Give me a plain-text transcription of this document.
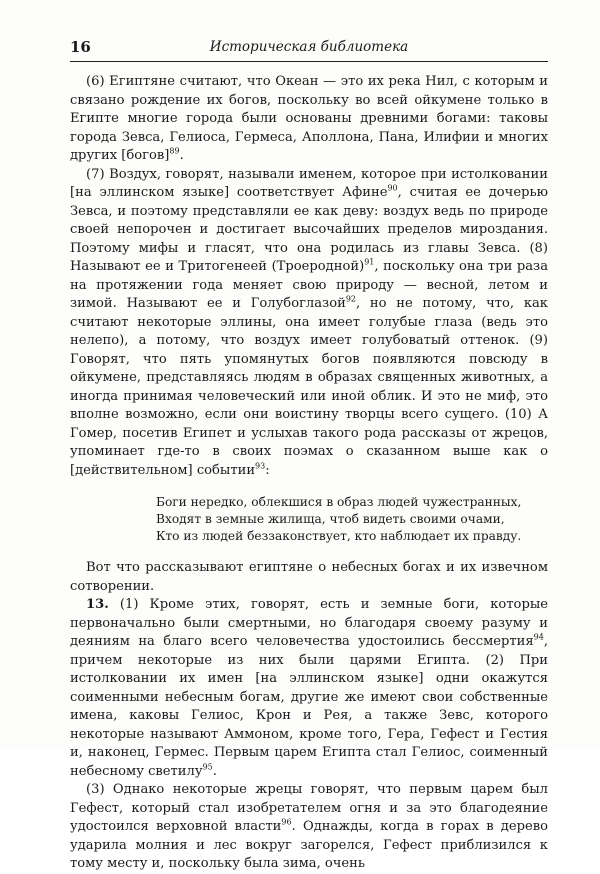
16	Историческая библиотека

(6) Египтяне считают, что Океан — это их река Нил, с которым и связано рождение их богов, поскольку во всей ойкумене только в Египте многие города были основаны древними богами: таковы города Зевса, Гелиоса, Гермеса, Аполлона, Пана, Илифии и многих других [богов]$^{89}$.

(7) Воздух, говорят, называли именем, которое при истолковании [на эллинском языке] соответствует Афине$^{90}$, считая ее дочерью Зевса, и поэтому представляли ее как деву: воздух ведь по природе своей непорочен и достигает высочайших пределов мироздания. Поэтому мифы и гласят, что она родилась из главы Зевса. (8) Называют ее и Тритогенеей (Троеродной)$^{91}$, поскольку она три раза на протяжении года меняет свою природу — весной, летом и зимой. Называют ее и Голубоглазой$^{92}$, но не потому, что, как считают некоторые эллины, она имеет голубые глаза (ведь это нелепо), а потому, что воздух имеет голубоватый оттенок. (9) Говорят, что пять упомянутых богов появляются повсюду в ойкумене, представляясь людям в образах священных животных, а иногда принимая человеческий или иной облик. И это не миф, это вполне возможно, если они воистину творцы всего сущего. (10) А Гомер, посетив Египет и услыхав такого рода рассказы от жрецов, упоминает где-то в своих поэмах о сказанном выше как о [действительном] событии$^{93}$:

Боги нередко, облекшися в образ людей чужестранных,
Входят в земные жилища, чтоб видеть своими очами,
Кто из людей беззаконствует, кто наблюдает их правду.

Вот что рассказывают египтяне о небесных богах и их извечном сотворении.

13. (1) Кроме этих, говорят, есть и земные боги, которые первоначально были смертными, но благодаря своему разуму и деяниям на благо всего человечества удостоились бессмертия$^{94}$, причем некоторые из них были царями Египта. (2) При истолковании их имен [на эллинском языке] одни окажутся соименными небесным богам, другие же имеют свои собственные имена, каковы Гелиос, Крон и Рея, а также Зевс, которого некоторые называют Аммоном, кроме того, Гера, Гефест и Гестия и, наконец, Гермес. Первым царем Египта стал Гелиос, соименный небесному светилу$^{95}$.

(3) Однако некоторые жрецы говорят, что первым царем был Гефест, который стал изобретателем огня и за это благодеяние удостоился верховной власти$^{96}$. Однажды, когда в горах в дерево ударила молния и лес вокруг загорелся, Гефест приблизился к тому месту и, поскольку была зима, очень
